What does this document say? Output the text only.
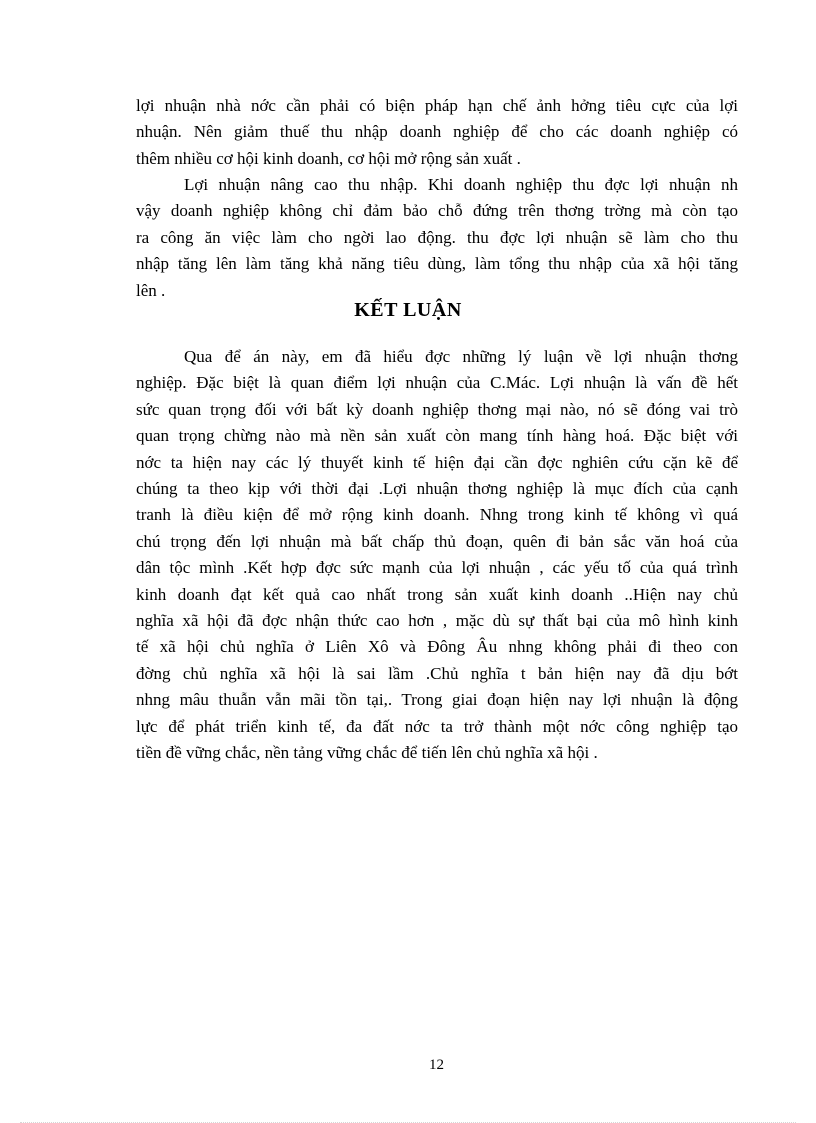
lợi nhuận nhà nớc cần phải có biện pháp hạn chế ảnh hởng tiêu cực của lợi
nhuận. Nên giảm thuế thu nhập doanh nghiệp để cho các doanh nghiệp có
thêm nhiều cơ hội kinh doanh, cơ hội mở rộng sản xuất .
Lợi nhuận nâng cao thu nhập. Khi doanh nghiệp thu đợc lợi nhuận nh
vậy doanh nghiệp không chỉ đảm bảo chỗ đứng trên thơng trờng mà còn tạo
ra công ăn việc làm cho ngời lao động. thu đợc lợi nhuận sẽ làm cho thu
nhập tăng lên làm tăng khả năng tiêu dùng, làm tổng thu nhập của xã hội tăng
lên .
KẾT LUẬN
Qua để án này, em đã hiểu đợc những lý luận về lợi nhuận thơng
nghiệp. Đặc biệt là quan điểm lợi nhuận của C.Mác. Lợi nhuận là vấn đề hết
sức quan trọng đối với bất kỳ doanh nghiệp thơng mại nào, nó sẽ đóng vai trò
quan trọng chừng nào mà nền sản xuất còn mang tính hàng hoá. Đặc biệt với
nớc ta hiện nay các lý thuyết kinh tế hiện đại cần đợc nghiên cứu cặn kẽ để
chúng ta theo kịp với thời đại .Lợi nhuận thơng nghiệp là mục đích của cạnh
tranh là điều kiện để mở rộng kinh doanh. Nhng trong kinh tế không vì quá
chú trọng đến lợi nhuận mà bất chấp thủ đoạn, quên đi bản sắc văn hoá của
dân tộc mình .Kết hợp đợc sức mạnh của lợi nhuận , các yếu tố của quá trình
kinh doanh đạt kết quả cao nhất trong sản xuất kinh doanh ..Hiện nay chủ
nghĩa xã hội đã đợc nhận thức cao hơn , mặc dù sự thất bại của mô hình kinh
tế xã hội chủ nghĩa ở Liên Xô và Đông Âu nhng không phải đi theo con
đờng chủ nghĩa xã hội là sai lầm .Chủ nghĩa t bản hiện nay đã dịu bớt
nhng mâu thuẫn vẫn mãi tồn tại,. Trong giai đoạn hiện nay lợi nhuận là động
lực để phát triển kinh tế, đa đất nớc ta trở thành một nớc công nghiệp tạo
tiền đề vững chắc, nền tảng vững chắc để tiến lên chủ nghĩa xã hội .
12
